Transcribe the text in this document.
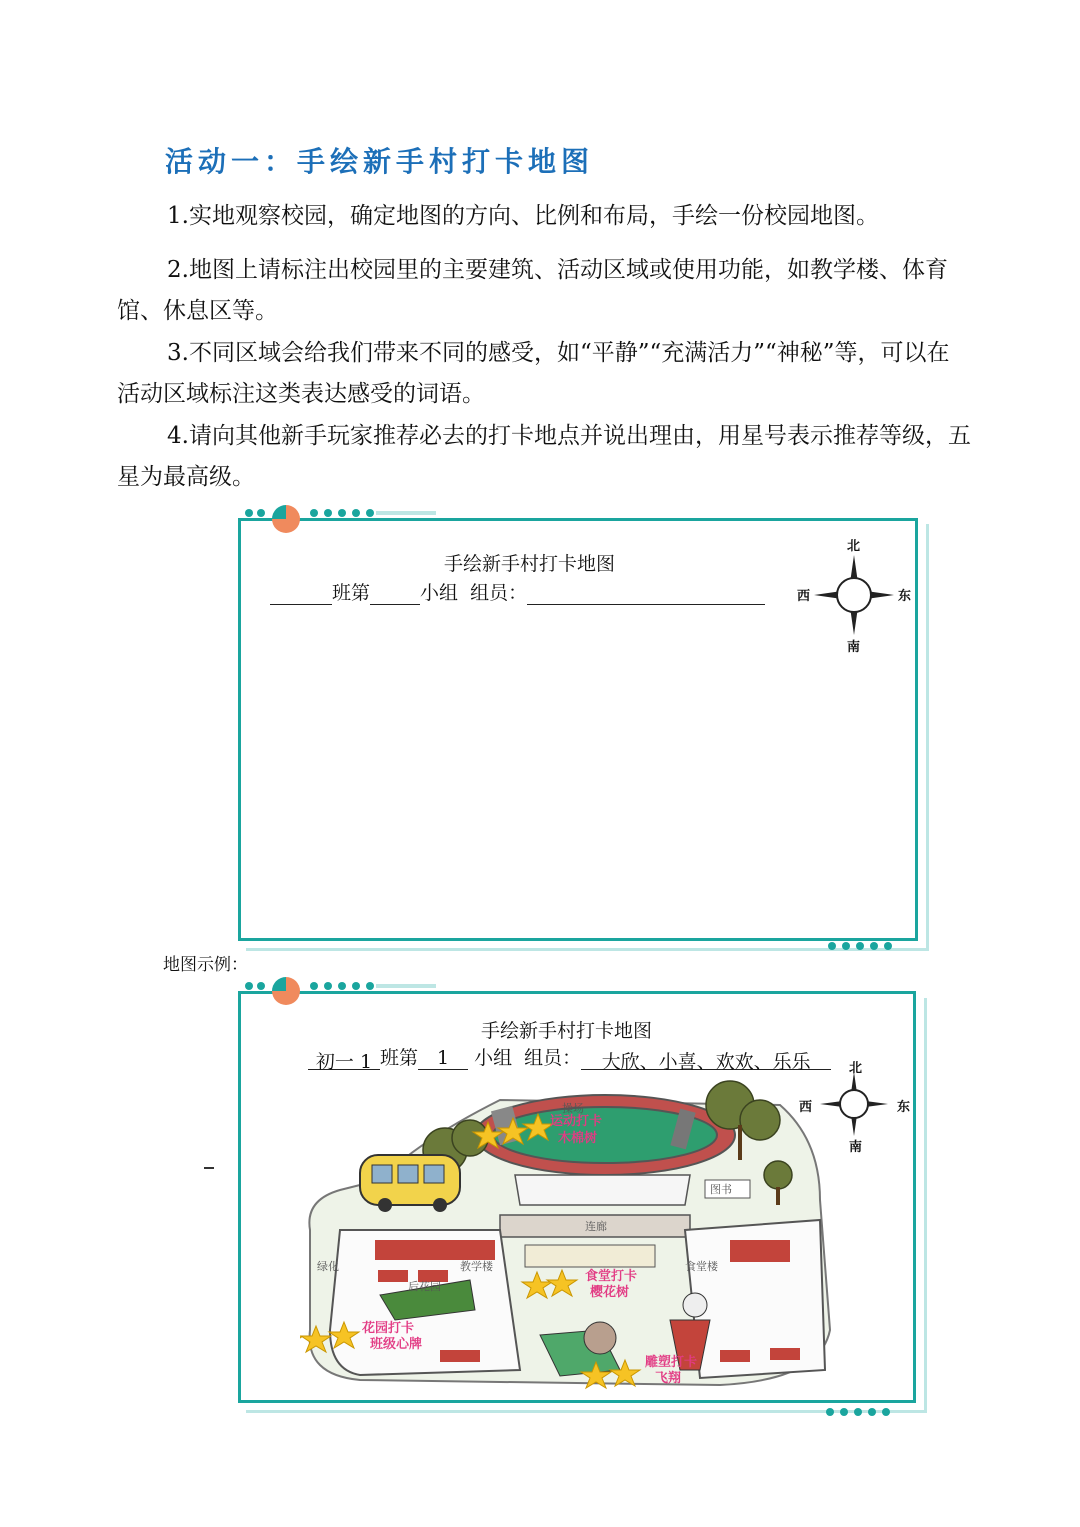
活动一：手绘新手村打卡地图

1.实地观察校园，确定地图的方向、比例和布局，手绘一份校园地图。

2.地图上请标注出校园里的主要建筑、活动区域或使用功能，如教学楼、体育馆、休息区等。

3.不同区域会给我们带来不同的感受，如“平静”“充满活力”“神秘”等，可以在活动区域标注这类表达感受的词语。

4.请向其他新手玩家推荐必去的打卡地点并说出理由，用星号表示推荐等级，五星为最高级。

手绘新手村打卡地图
班第	小组 组员：
北
南
西	东
地图示例：
手绘新手村打卡地图
初一 1 班第 1 小组 组员： 大欣、小喜、欢欢、乐乐	北
南
西	东
操场
连廊
教学楼
绿化
后花园
食堂楼
图书
运动打卡
木棉树
食堂打卡
樱花树
花园打卡
班级心牌
雕塑打卡
飞翔
